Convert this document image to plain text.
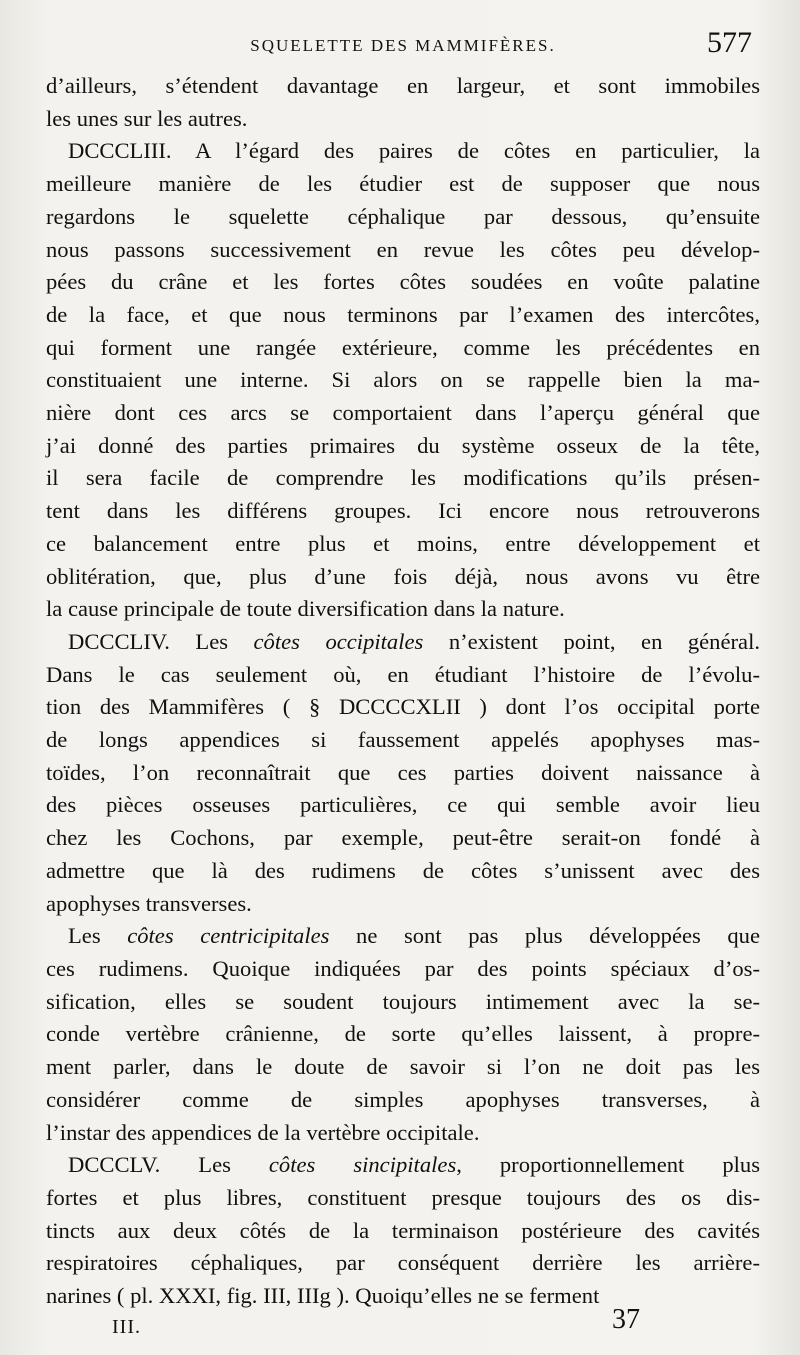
SQUELETTE DES MAMMIFÈRES.	577

d’ailleurs, s’étendent davantage en largeur, et sont immobiles
les unes sur les autres.

DCCCLIII. A l’égard des paires de côtes en particulier, la
meilleure manière de les étudier est de supposer que nous
regardons le squelette céphalique par dessous, qu’ensuite
nous passons successivement en revue les côtes peu dévelop-
pées du crâne et les fortes côtes soudées en voûte palatine
de la face, et que nous terminons par l’examen des intercôtes,
qui forment une rangée extérieure, comme les précédentes en
constituaient une interne. Si alors on se rappelle bien la ma-
nière dont ces arcs se comportaient dans l’aperçu général que
j’ai donné des parties primaires du système osseux de la tête,
il sera facile de comprendre les modifications qu’ils présen-
tent dans les différens groupes. Ici encore nous retrouverons
ce balancement entre plus et moins, entre développement et
oblitération, que, plus d’une fois déjà, nous avons vu être
la cause principale de toute diversification dans la nature.

DCCCLIV. Les côtes occipitales n’existent point, en général.
Dans le cas seulement où, en étudiant l’histoire de l’évolu-
tion des Mammifères ( § DCCCCXLII ) dont l’os occipital porte
de longs appendices si faussement appelés apophyses mas-
toïdes, l’on reconnaîtrait que ces parties doivent naissance à
des pièces osseuses particulières, ce qui semble avoir lieu
chez les Cochons, par exemple, peut-être serait-on fondé à
admettre que là des rudimens de côtes s’unissent avec des
apophyses transverses.

Les côtes centricipitales ne sont pas plus développées que
ces rudimens. Quoique indiquées par des points spéciaux d’os-
sification, elles se soudent toujours intimement avec la se-
conde vertèbre crânienne, de sorte qu’elles laissent, à propre-
ment parler, dans le doute de savoir si l’on ne doit pas les
considérer comme de simples apophyses transverses, à
l’instar des appendices de la vertèbre occipitale.

DCCCLV. Les côtes sincipitales, proportionnellement plus
fortes et plus libres, constituent presque toujours des os dis-
tincts aux deux côtés de la terminaison postérieure des cavités
respiratoires céphaliques, par conséquent derrière les arrière-
narines ( pl. XXXI, fig. III, IIIg ). Quoiqu’elles ne se ferment

III.	37
